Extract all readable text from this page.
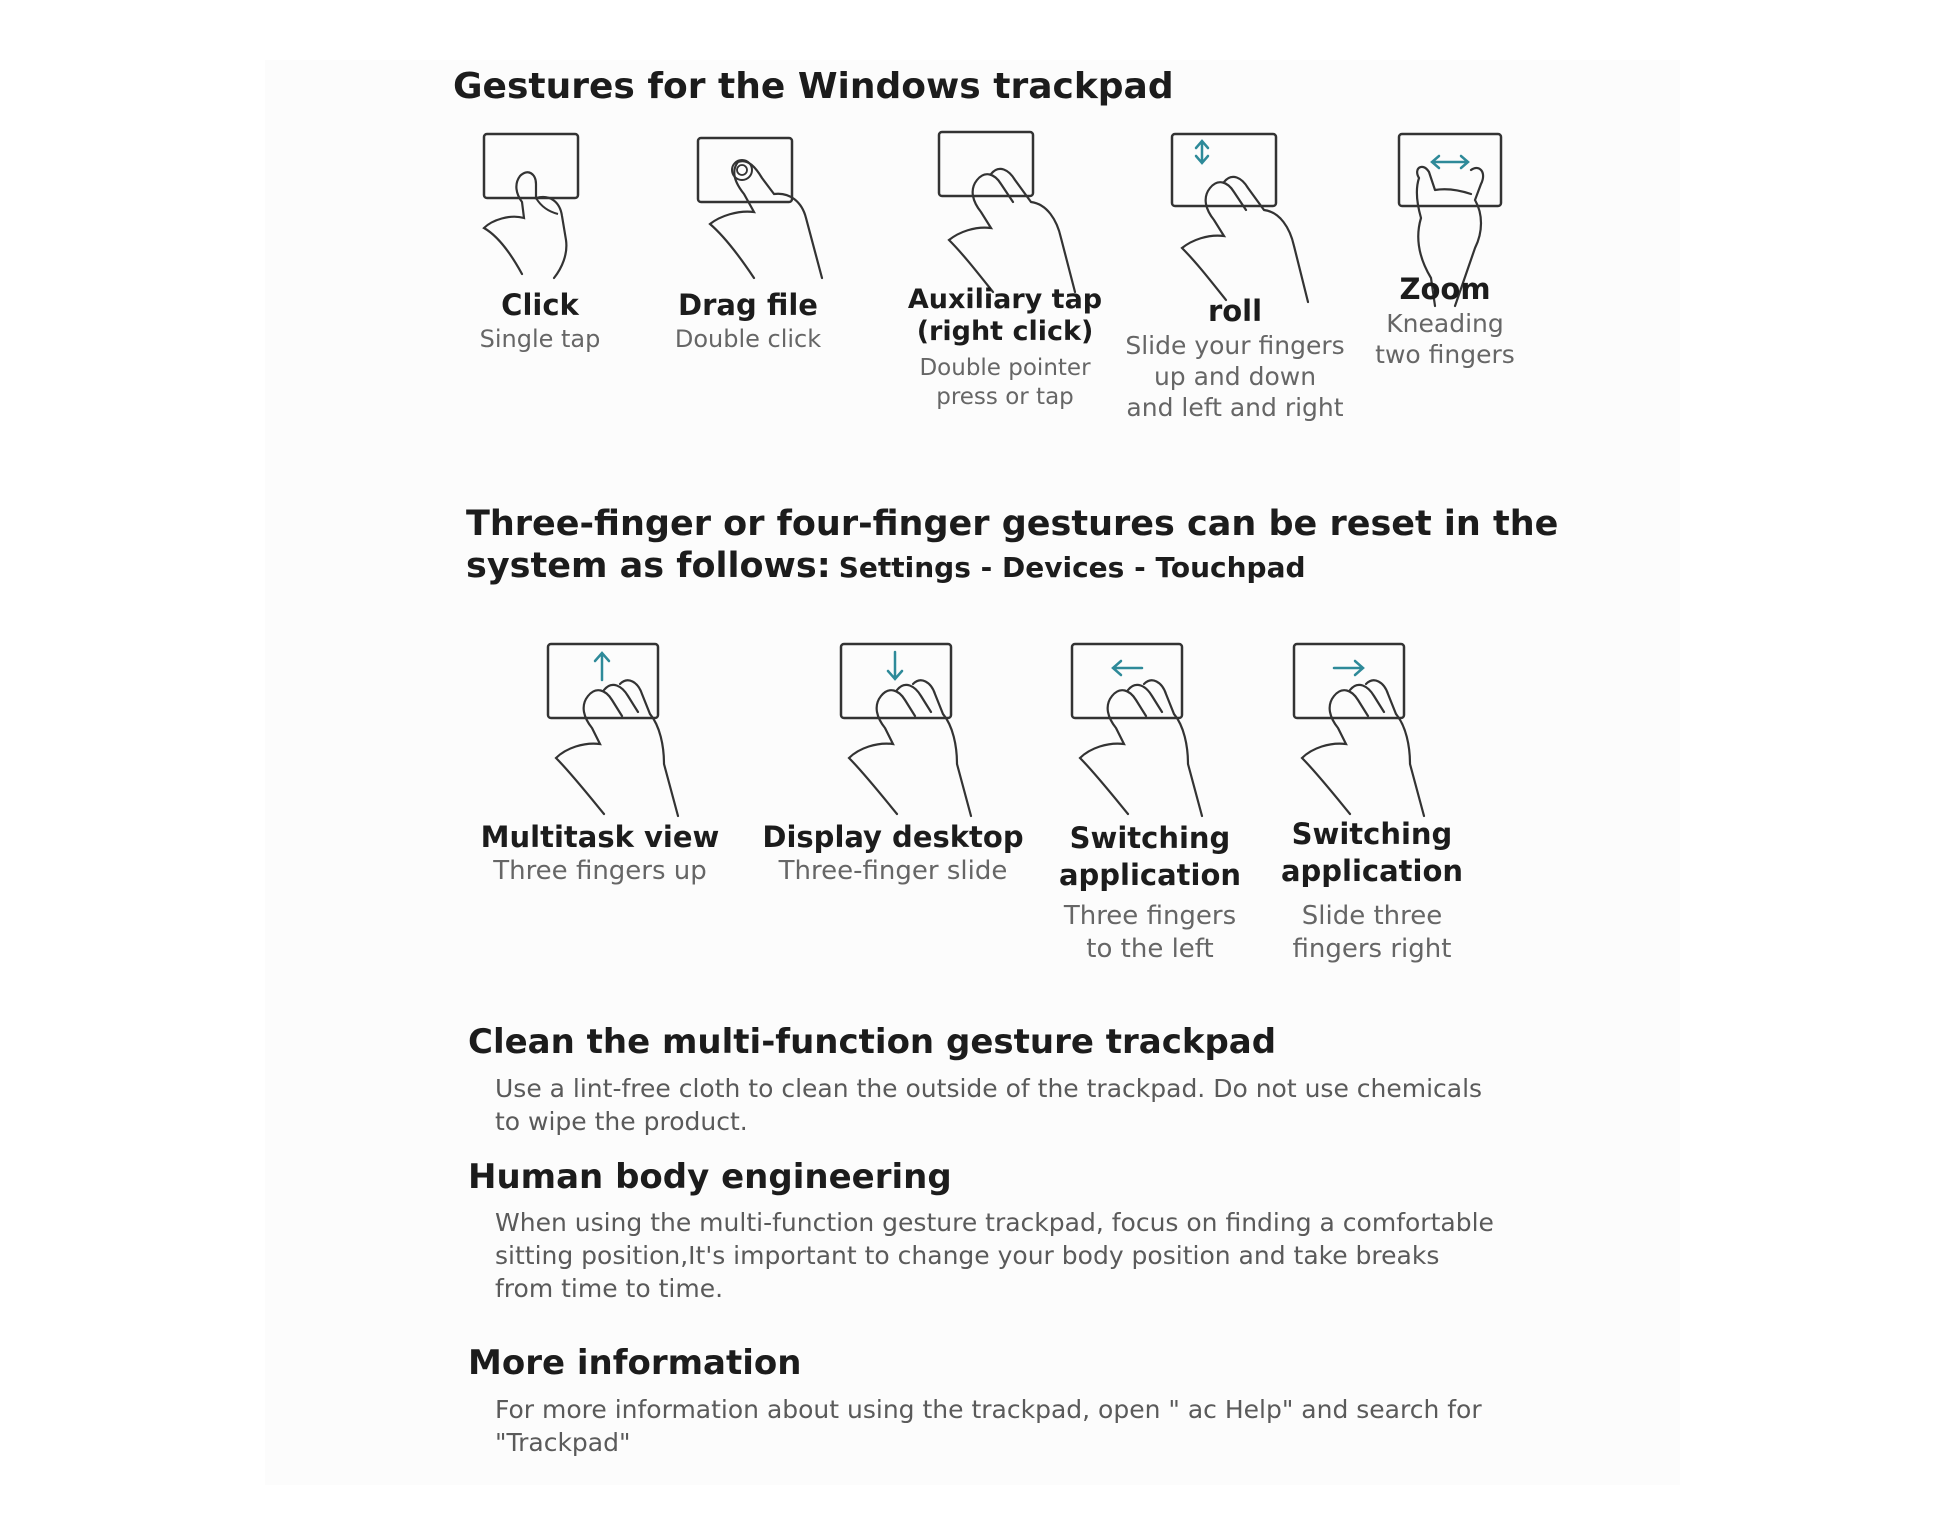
Gestures for the Windows trackpad
Click
Single tap
Drag file
Double click
Auxiliary tap
(right click)
Double pointer
press or tap
roll
Slide your fingers
up and down
and left and right
Zoom
Kneading
two fingers
Three-finger or four-finger gestures can be reset in the
system as follows: Settings - Devices - Touchpad
Multitask view
Three fingers up
Display desktop
Three-finger slide
Switching
application
Three fingers
to the left
Switching
application
Slide three
fingers right
Clean the multi-function gesture trackpad
Use a lint-free cloth to clean the outside of the trackpad. Do not use chemicals to wipe the product.
Human body engineering
When using the multi-function gesture trackpad, focus on finding a comfortable sitting position,It's important to change your body position and take breaks from time to time.
More information
For more information about using the trackpad, open " ac Help" and search for "Trackpad"
